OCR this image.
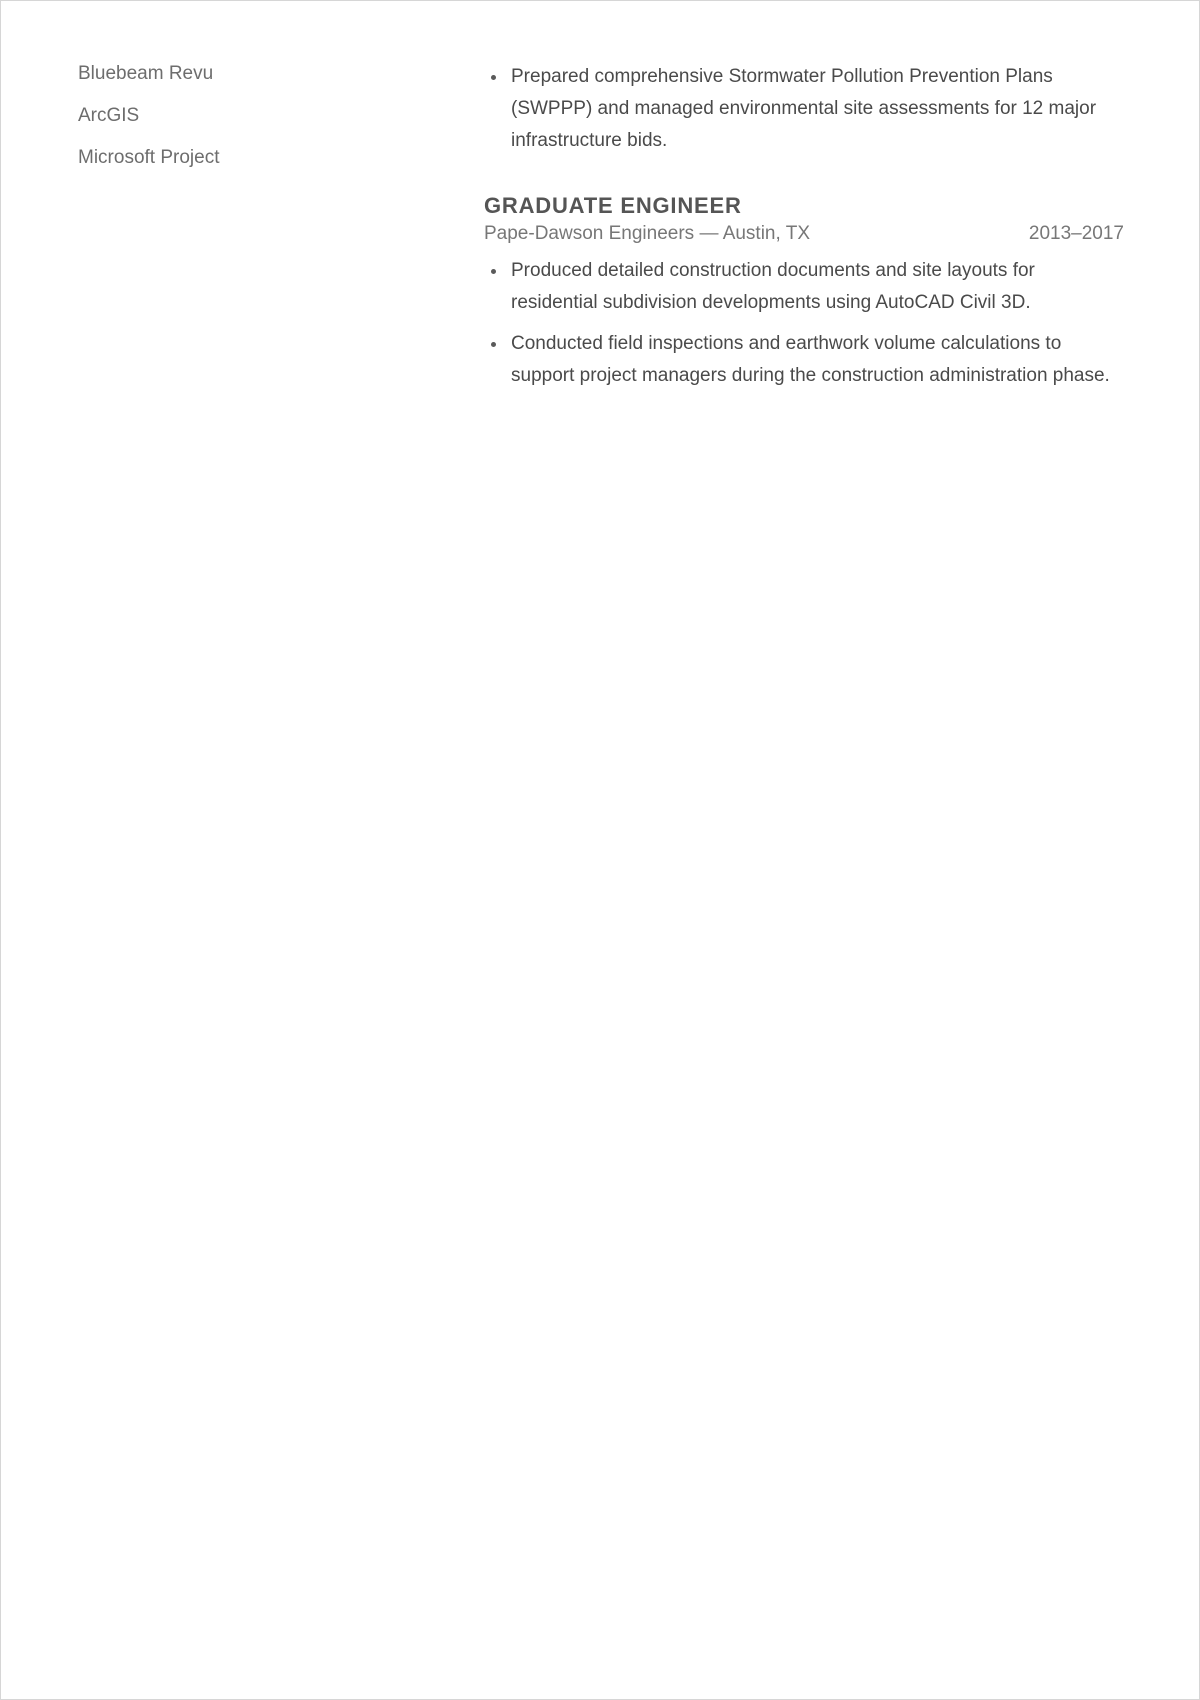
Bluebeam Revu
ArcGIS
Microsoft Project
Prepared comprehensive Stormwater Pollution Prevention Plans (SWPPP) and managed environmental site assessments for 12 major infrastructure bids.
GRADUATE ENGINEER
Pape-Dawson Engineers — Austin, TX	2013–2017
Produced detailed construction documents and site layouts for residential subdivision developments using AutoCAD Civil 3D.
Conducted field inspections and earthwork volume calculations to support project managers during the construction administration phase.
